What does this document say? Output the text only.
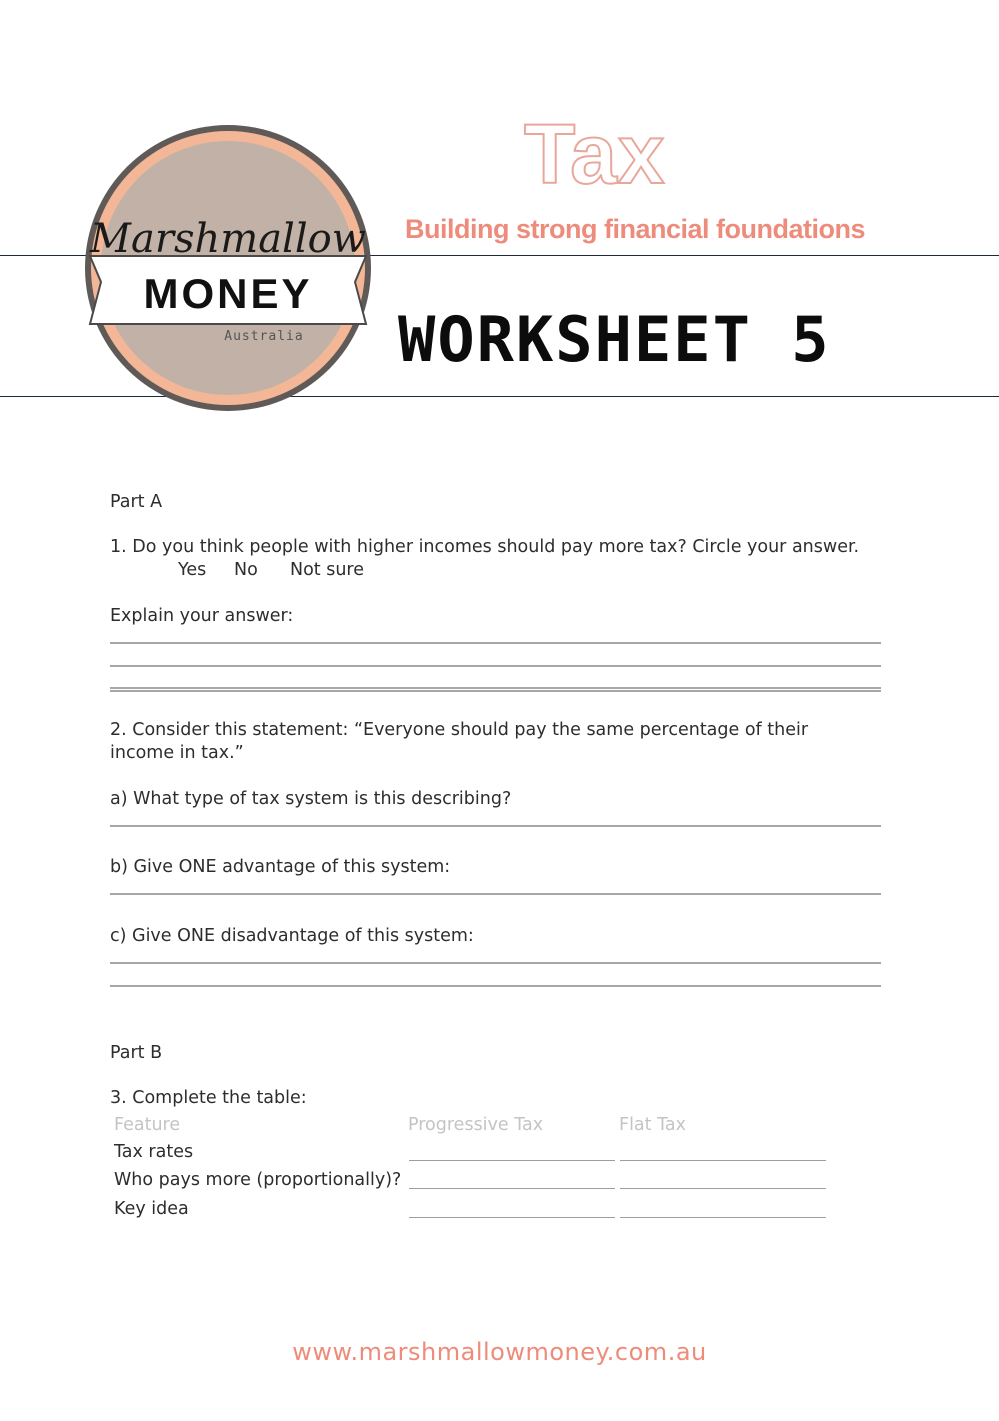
Marshmallow
MONEY
Australia
Tax
Building strong financial foundations
WORKSHEET 5
Part A
1. Do you think people with higher incomes should pay more tax? Circle your answer.
Yes No Not sure
Explain your answer:
2. Consider this statement: “Everyone should pay the same percentage of their
income in tax.”
a) What type of tax system is this describing?
b) Give ONE advantage of this system:
c) Give ONE disadvantage of this system:
Part B
3. Complete the table:
Feature	Progressive Tax	Flat Tax
Tax rates
Who pays more (proportionally)?
Key idea
www.marshmallowmoney.com.au
